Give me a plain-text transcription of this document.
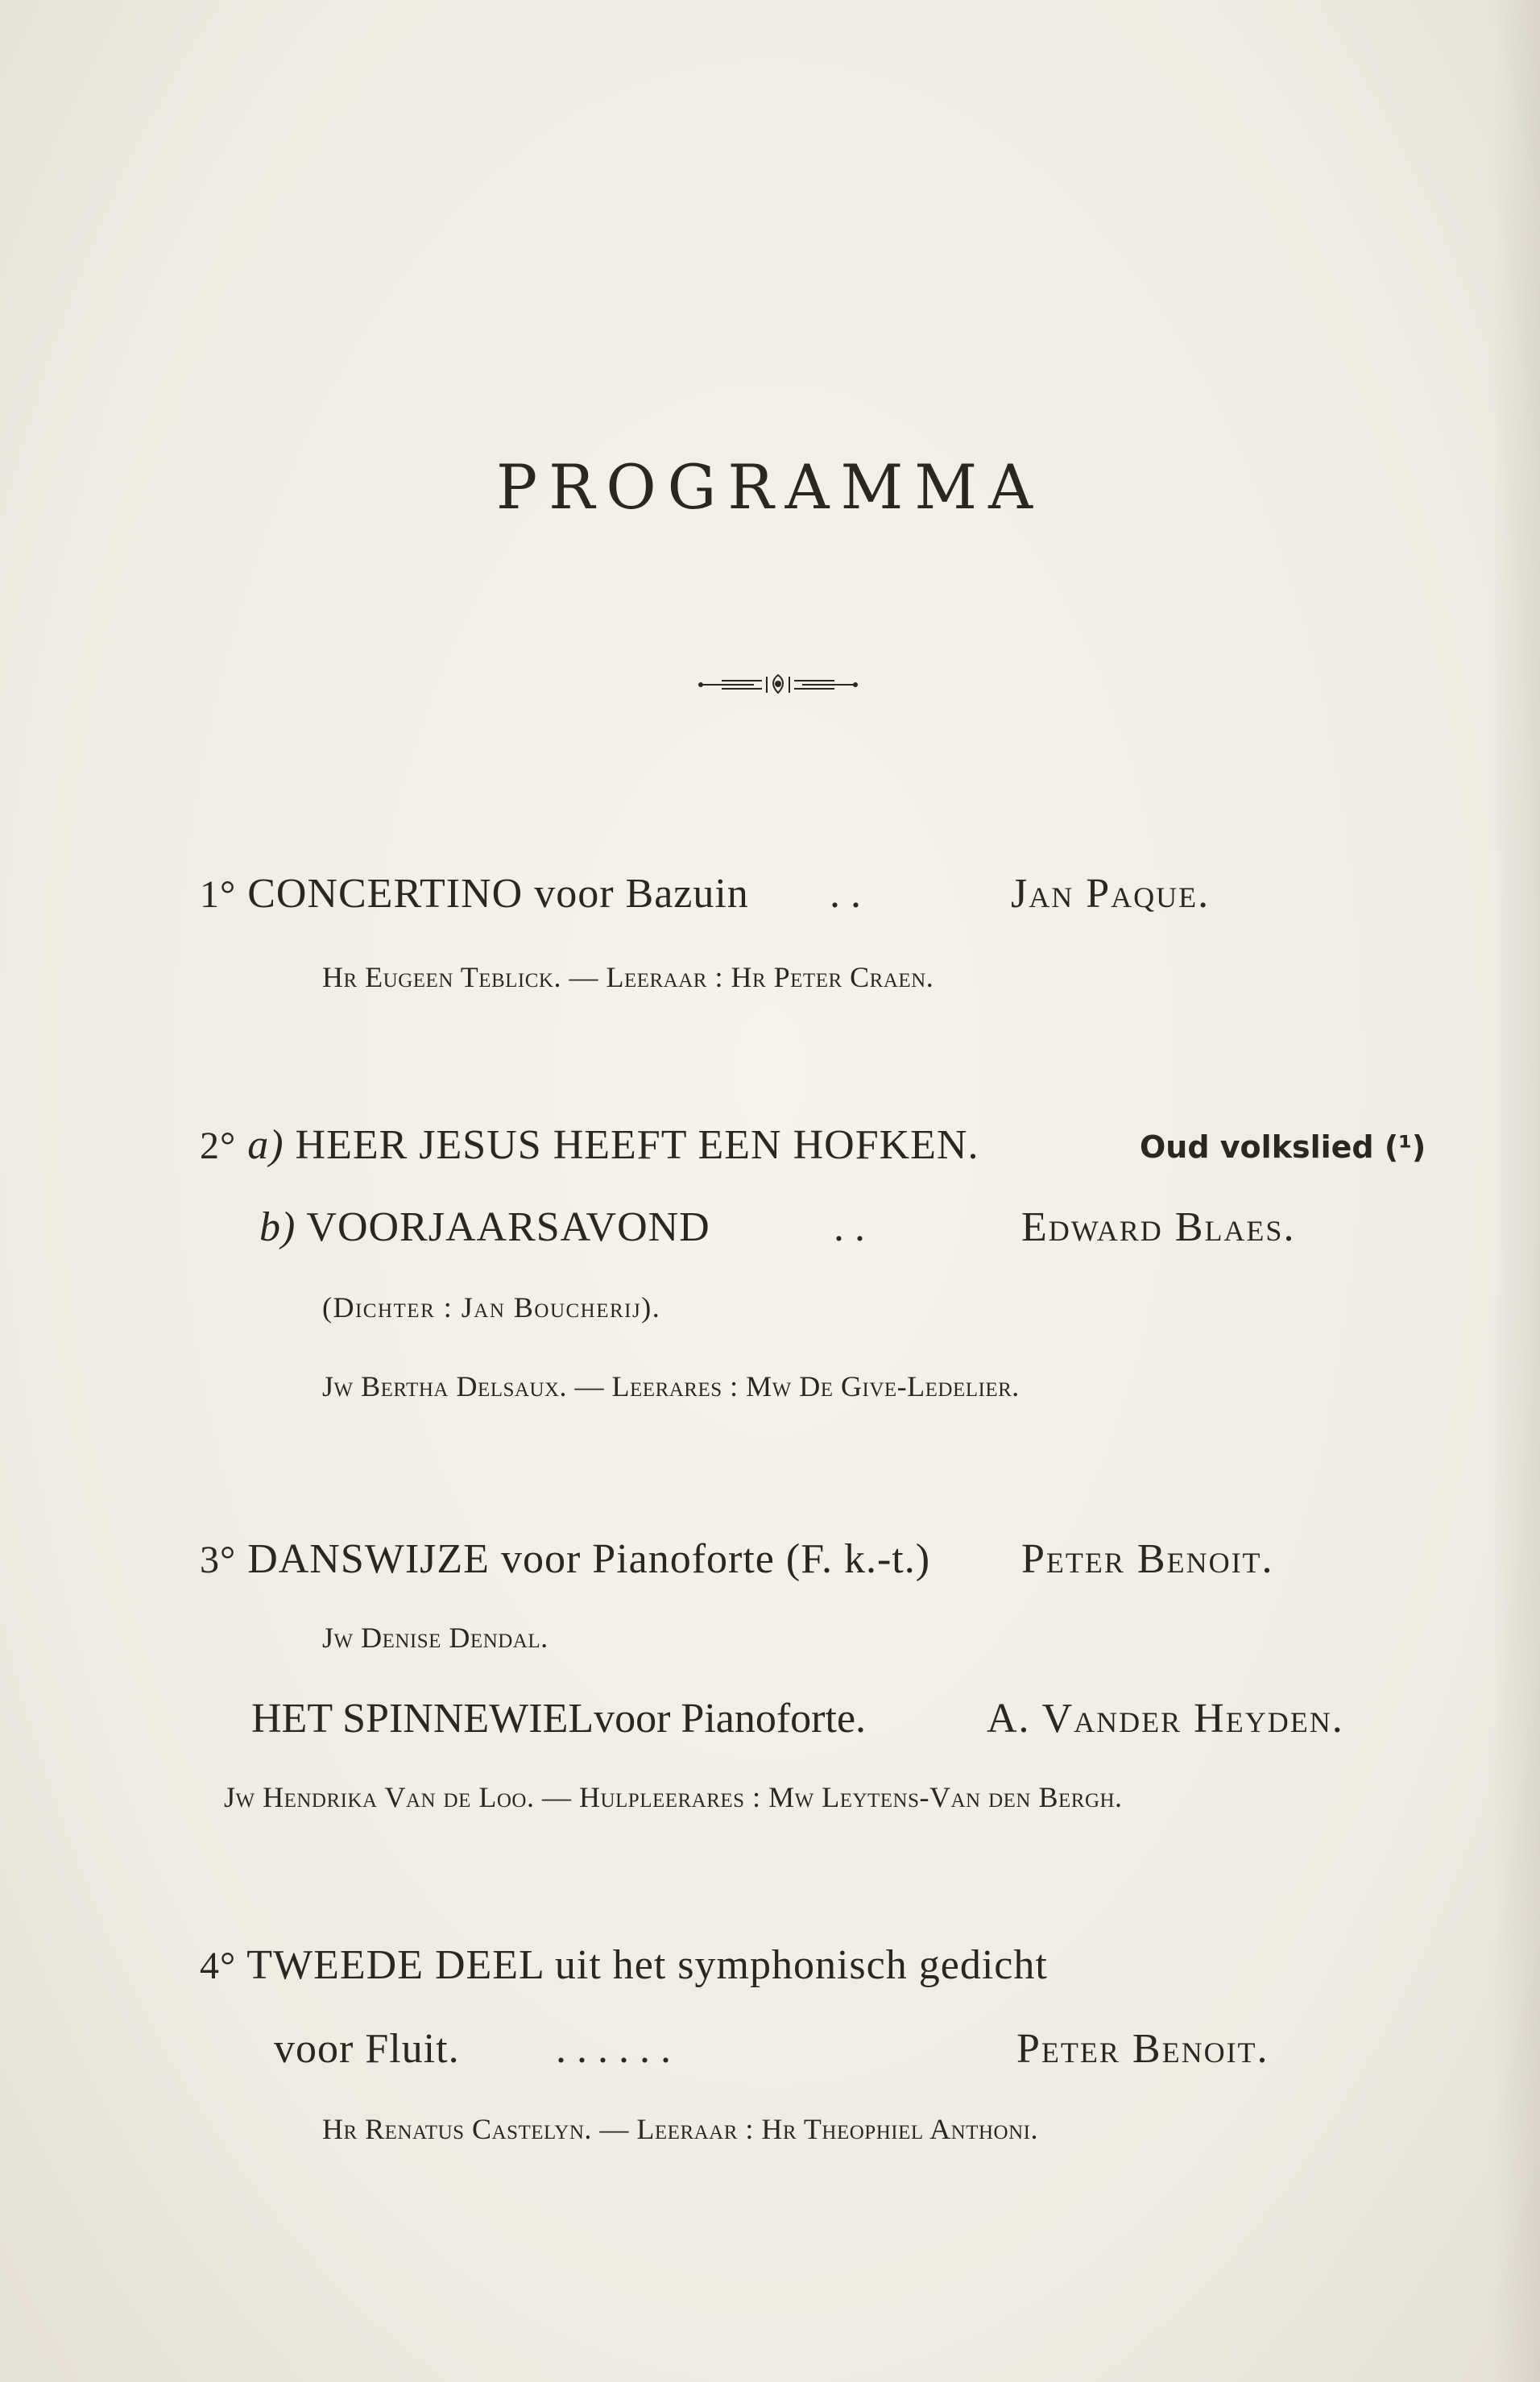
PROGRAMMA
1° CONCERTINO voor Bazuin . .	Jan Paque.
Hr Eugeen Teblick. — Leeraar : Hr Peter Craen.
2° a) HEER JESUS HEEFT EEN HOFKEN.	Oud volkslied (¹)
b) VOORJAARSAVOND	. .	Edward Blaes.
(Dichter : Jan Boucherij).
Jw Bertha Delsaux. — Leerares : Mw De Give-Ledelier.
3° DANSWIJZE voor Pianoforte (F. k.-t.) Peter Benoit.
Jw Denise Dendal.
HET SPINNEWIELvoor Pianoforte.	A. Vander Heyden.
Jw Hendrika Van de Loo. — Hulpleerares : Mw Leytens-Van den Bergh.
4° TWEEDE DEEL uit het symphonisch gedicht
voor Fluit. . . . . . .	Peter Benoit.
Hr Renatus Castelyn. — Leeraar : Hr Theophiel Anthoni.
